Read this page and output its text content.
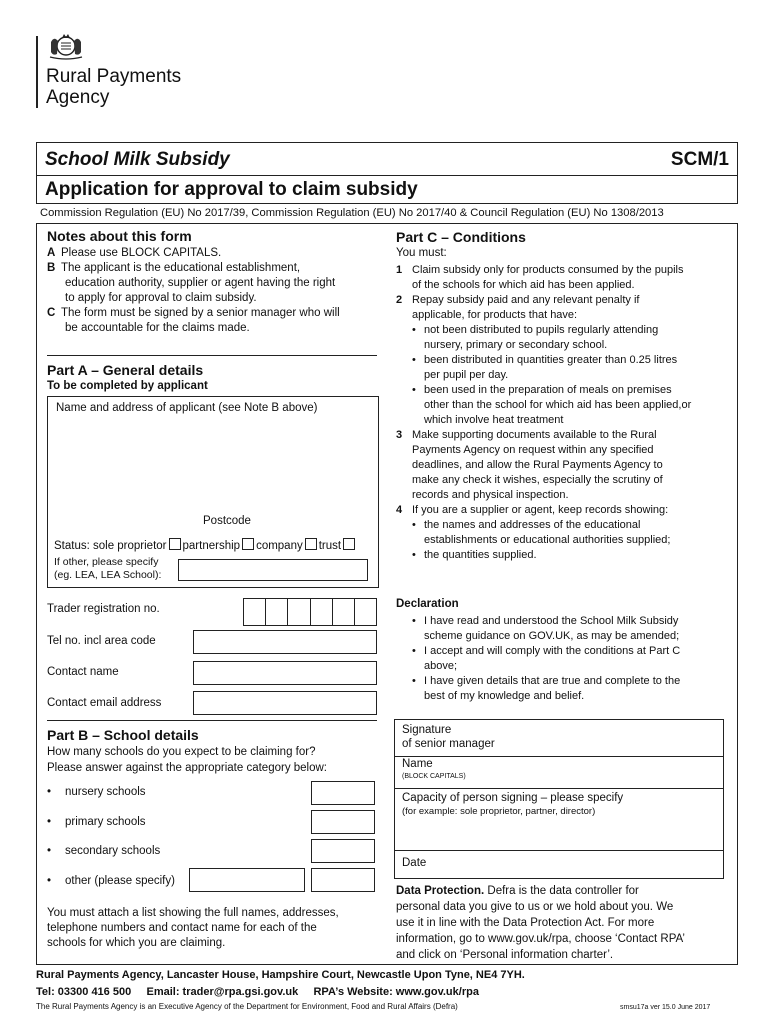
Rural Payments
Agency
School Milk Subsidy	SCM/1
Application for approval to claim subsidy
Commission Regulation (EU) No 2017/39, Commission Regulation (EU) No 2017/40 & Council Regulation (EU) No 1308/2013
Notes about this form
A Please use BLOCK CAPITALS.
B The applicant is the educational establishment,
education authority, supplier or agent having the right
to apply for approval to claim subsidy.
C The form must be signed by a senior manager who will
be accountable for the claims made.
Part A – General details
To be completed by applicant
Name and address of applicant (see Note B above)
Postcode
Status: sole proprietor partnership company trust
If other, please specify
(eg. LEA, LEA School):
Trader registration no.
Tel no. incl area code
Contact name
Contact email address
Part B – School details
How many schools do you expect to be claiming for?
Please answer against the appropriate category below:
• nursery schools
• primary schools
• secondary schools
• other (please specify)
You must attach a list showing the full names, addresses,
telephone numbers and contact name for each of the
schools for which you are claiming.
Part C – Conditions
You must:
1 Claim subsidy only for products consumed by the pupils
of the schools for which aid has been applied.
2 Repay subsidy paid and any relevant penalty if
applicable, for products that have:
• not been distributed to pupils regularly attending
nursery, primary or secondary school.
• been distributed in quantities greater than 0.25 litres
per pupil per day.
• been used in the preparation of meals on premises
other than the school for which aid has been applied,or
which involve heat treatment
3 Make supporting documents available to the Rural
Payments Agency on request within any specified
deadlines, and allow the Rural Payments Agency to
make any check it wishes, especially the scrutiny of
records and physical inspection.
4 If you are a supplier or agent, keep records showing:
• the names and addresses of the educational
establishments or educational authorities supplied;
• the quantities supplied.
Declaration
• I have read and understood the School Milk Subsidy
scheme guidance on GOV.UK, as may be amended;
• I accept and will comply with the conditions at Part C
above;
• I have given details that are true and complete to the
best of my knowledge and belief.
Signature
of senior manager
Name
(BLOCK CAPITALS)
Capacity of person signing – please specify
(for example: sole proprietor, partner, director)
Date
Data Protection. Defra is the data controller for
personal data you give to us or we hold about you. We
use it in line with the Data Protection Act. For more
information, go to www.gov.uk/rpa, choose ‘Contact RPA’
and click on ‘Personal information charter’.
Rural Payments Agency, Lancaster House, Hampshire Court, Newcastle Upon Tyne, NE4 7YH.
Tel: 03300 416 500     Email: trader@rpa.gsi.gov.uk     RPA’s Website: www.gov.uk/rpa
The Rural Payments Agency is an Executive Agency of the Department for Environment, Food and Rural Affairs (Defra)	smsu17a ver 15.0 June 2017
